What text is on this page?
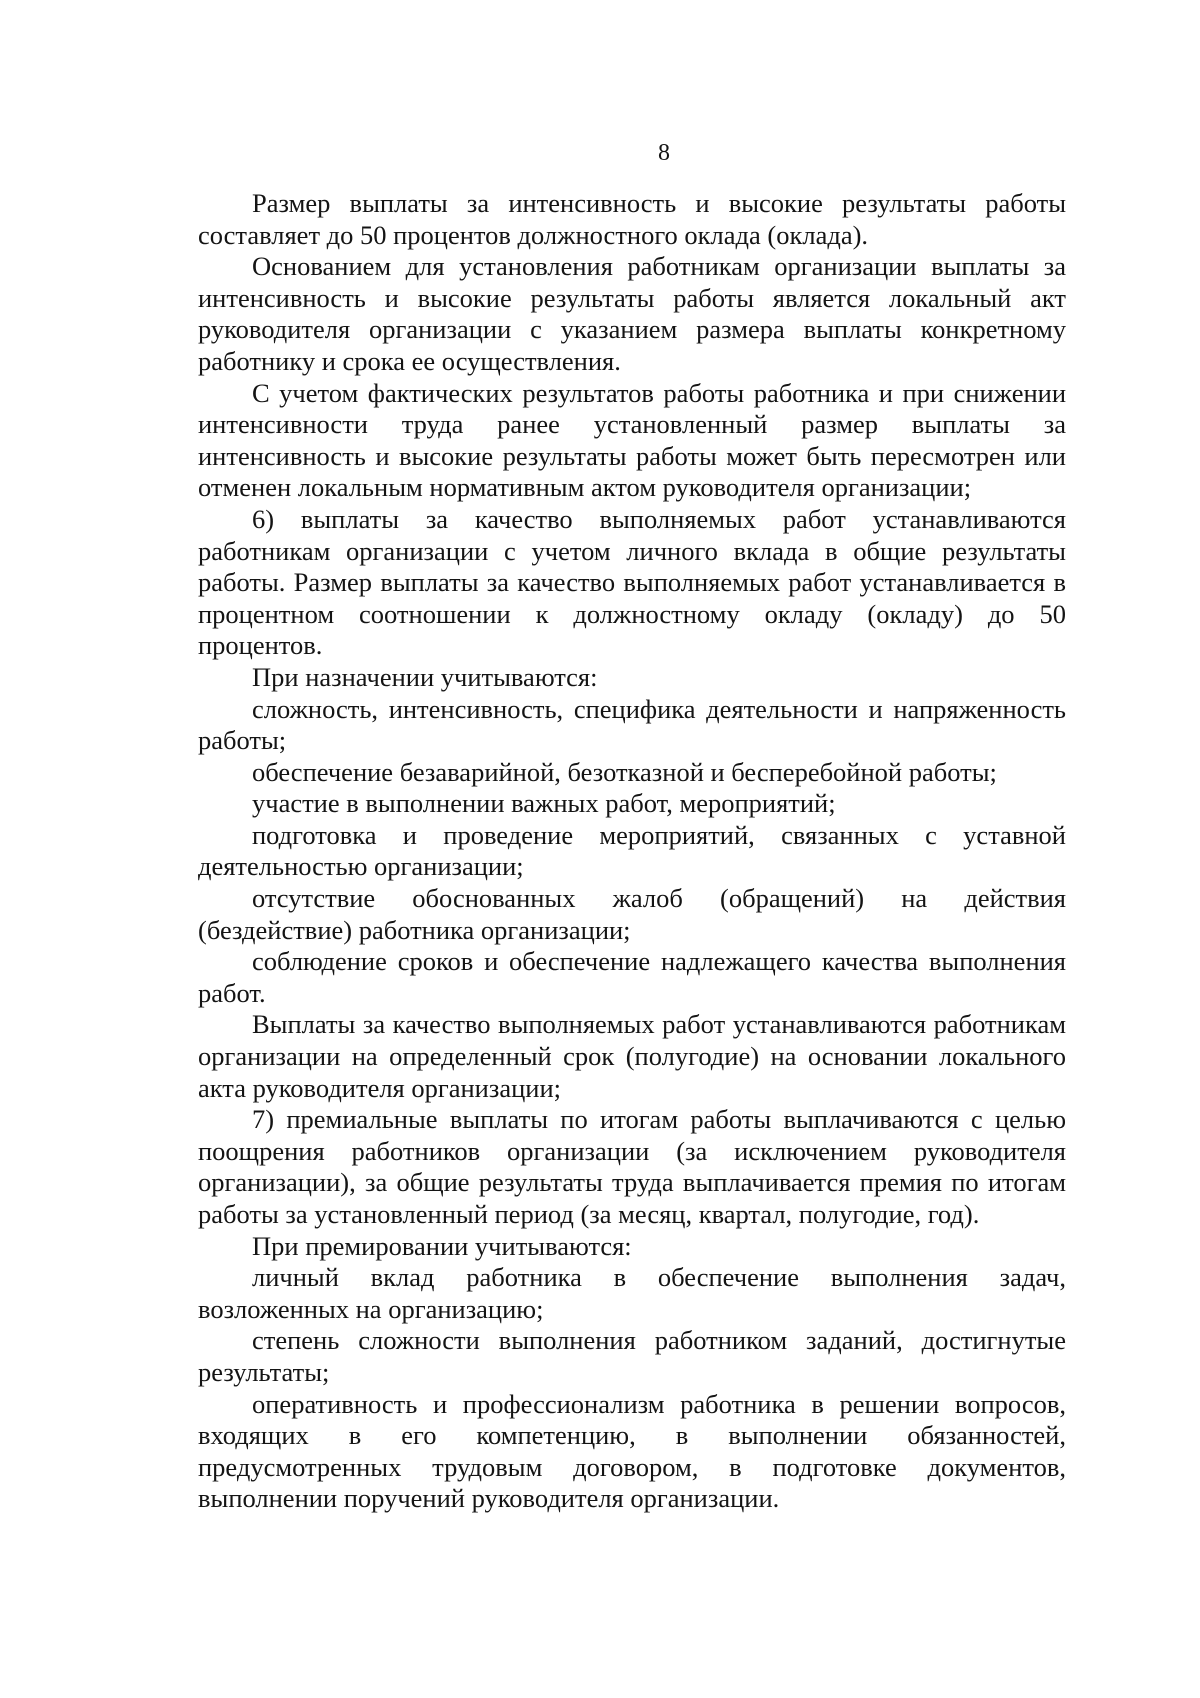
8

Размер выплаты за интенсивность и высокие результаты работы составляет до 50 процентов должностного оклада (оклада).

Основанием для установления работникам организации выплаты за интенсивность и высокие результаты работы является локальный акт руководителя организации с указанием размера выплаты конкретному работнику и срока ее осуществления.

С учетом фактических результатов работы работника и при снижении интенсивности труда ранее установленный размер выплаты за интенсивность и высокие результаты работы может быть пересмотрен или отменен локальным нормативным актом руководителя организации;

6) выплаты за качество выполняемых работ устанавливаются работникам организации с учетом личного вклада в общие результаты работы. Размер выплаты за качество выполняемых работ устанавливается в процентном соотношении к должностному окладу (окладу) до 50 процентов.

При назначении учитываются:

сложность, интенсивность, специфика деятельности и напряженность работы;

обеспечение безаварийной, безотказной и бесперебойной работы;

участие в выполнении важных работ, мероприятий;

подготовка и проведение мероприятий, связанных с уставной деятельностью организации;

отсутствие обоснованных жалоб (обращений) на действия (бездействие) работника организации;

соблюдение сроков и обеспечение надлежащего качества выполнения работ.

Выплаты за качество выполняемых работ устанавливаются работникам организации на определенный срок (полугодие) на основании локального акта руководителя организации;

7) премиальные выплаты по итогам работы выплачиваются с целью поощрения работников организации (за исключением руководителя организации), за общие результаты труда выплачивается премия по итогам работы за установленный период (за месяц, квартал, полугодие, год).

При премировании учитываются:

личный вклад работника в обеспечение выполнения задач, возложенных на организацию;

степень сложности выполнения работником заданий, достигнутые результаты;

оперативность и профессионализм работника в решении вопросов, входящих в его компетенцию, в выполнении обязанностей, предусмотренных трудовым договором, в подготовке документов, выполнении поручений руководителя организации.
